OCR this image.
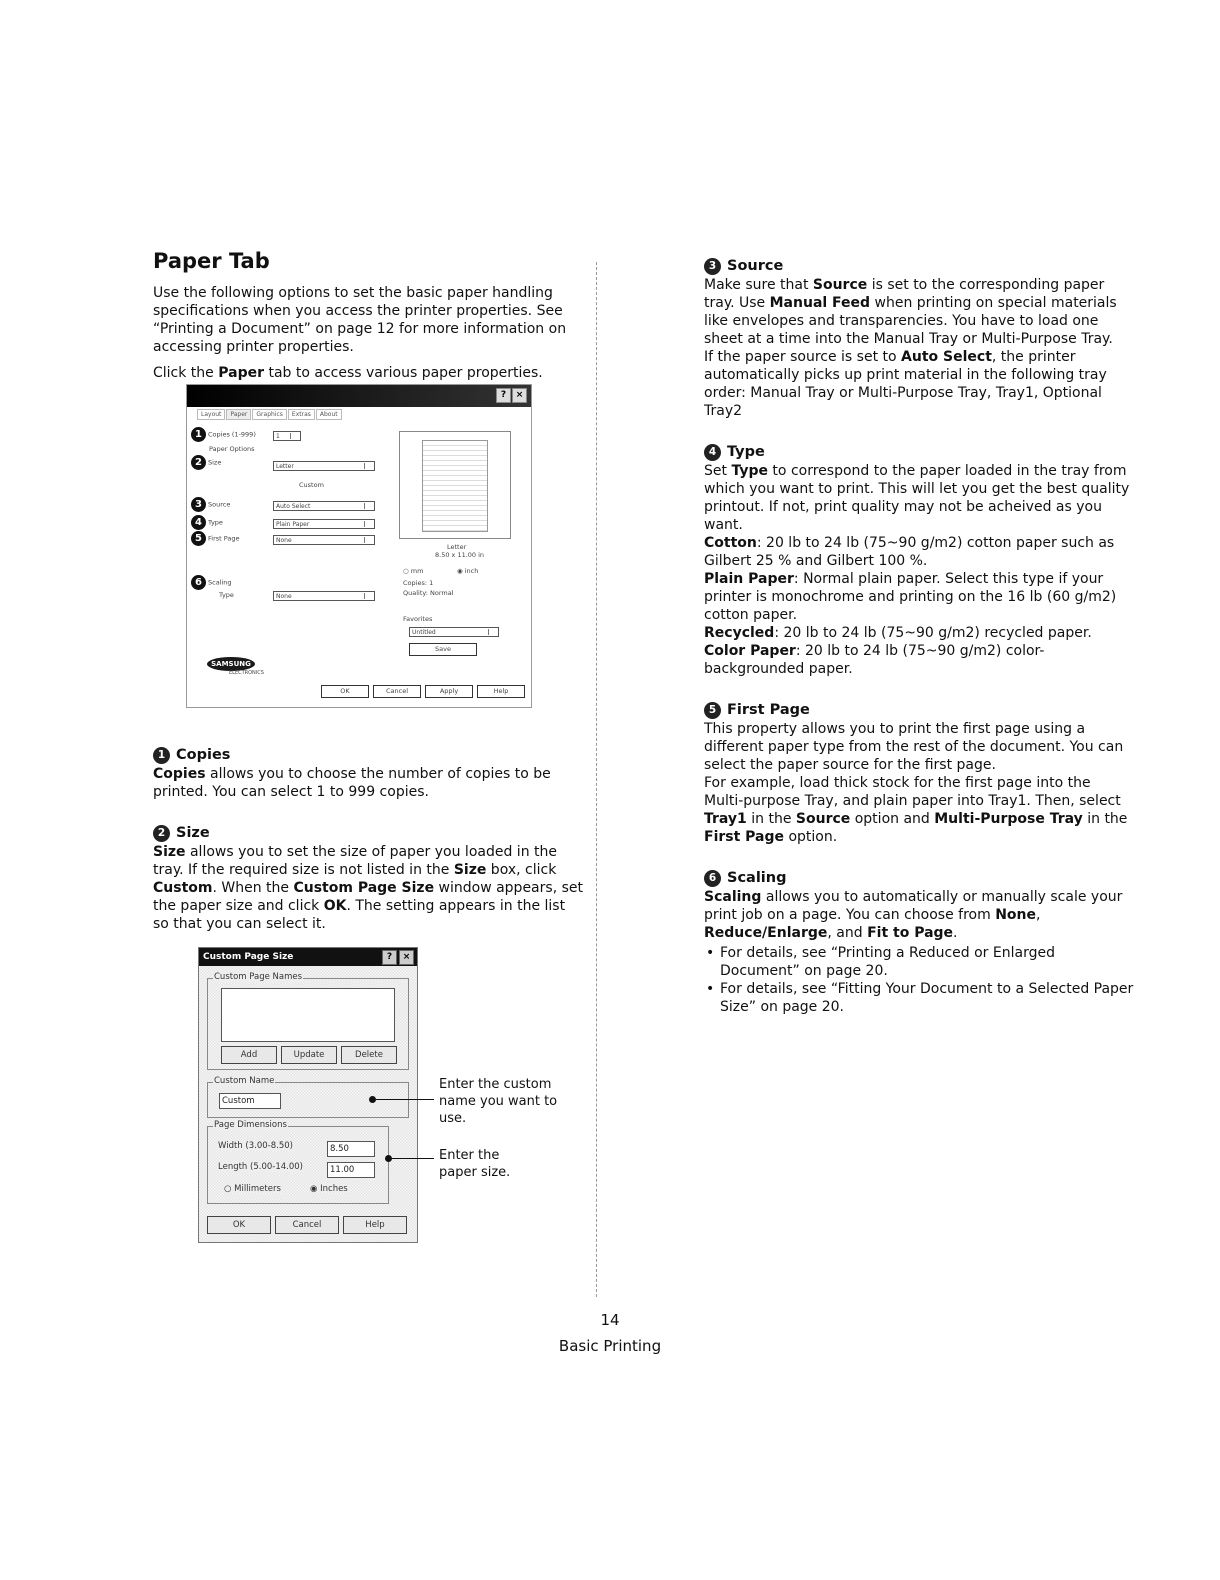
Paper Tab

Use the following options to set the basic paper handling specifications when you access the printer properties. See “Printing a Document” on page 12 for more information on accessing printer properties.

Click the Paper tab to access various paper properties.

?	×
Layout Paper Graphics Extras About
1 Copies (1-999)	1
Paper Options
2 Size	Letter
Custom
3 Source	Auto Select
4 Type	Plain Paper
5 First Page	None
6 Scaling
Type	None
Letter
8.50 x 11.00 in
○ mm	◉ inch
Copies: 1
Quality: Normal
Favorites
Untitled
Save
SAMSUNG
ELECTRONICS
OK	Cancel	Apply	Help
1 Copies

Copies allows you to choose the number of copies to be printed. You can select 1 to 999 copies.

2 Size

Size allows you to set the size of paper you loaded in the tray. If the required size is not listed in the Size box, click Custom. When the Custom Page Size window appears, set the paper size and click OK. The setting appears in the list so that you can select it.

Custom Page Size	?	×
Custom Page Names
Add	Update	Delete
Custom Name
Custom
Page Dimensions
Width (3.00-8.50)	8.50
Length (5.00-14.00)	11.00
○ Millimeters	◉ Inches
OK	Cancel	Help
Enter the custom name you want to use.
Enter the paper size.
3 Source

Make sure that Source is set to the corresponding paper tray. Use Manual Feed when printing on special materials like envelopes and transparencies. You have to load one sheet at a time into the Manual Tray or Multi-Purpose Tray.

If the paper source is set to Auto Select, the printer automatically picks up print material in the following tray order: Manual Tray or Multi-Purpose Tray, Tray1, Optional Tray2

4 Type

Set Type to correspond to the paper loaded in the tray from which you want to print. This will let you get the best quality printout. If not, print quality may not be acheived as you want.

Cotton: 20 lb to 24 lb (75~90 g/m2) cotton paper such as Gilbert 25 % and Gilbert 100 %.

Plain Paper: Normal plain paper. Select this type if your printer is monochrome and printing on the 16 lb (60 g/m2) cotton paper.

Recycled: 20 lb to 24 lb (75~90 g/m2) recycled paper.

Color Paper: 20 lb to 24 lb (75~90 g/m2) color-backgrounded paper.

5 First Page

This property allows you to print the first page using a different paper type from the rest of the document. You can select the paper source for the first page.

For example, load thick stock for the first page into the Multi-purpose Tray, and plain paper into Tray1. Then, select Tray1 in the Source option and Multi-Purpose Tray in the First Page option.

6 Scaling

Scaling allows you to automatically or manually scale your print job on a page. You can choose from None, Reduce/Enlarge, and Fit to Page.

• For details, see “Printing a Reduced or Enlarged Document” on page 20.
• For details, see “Fitting Your Document to a Selected Paper Size” on page 20.
14
Basic Printing
